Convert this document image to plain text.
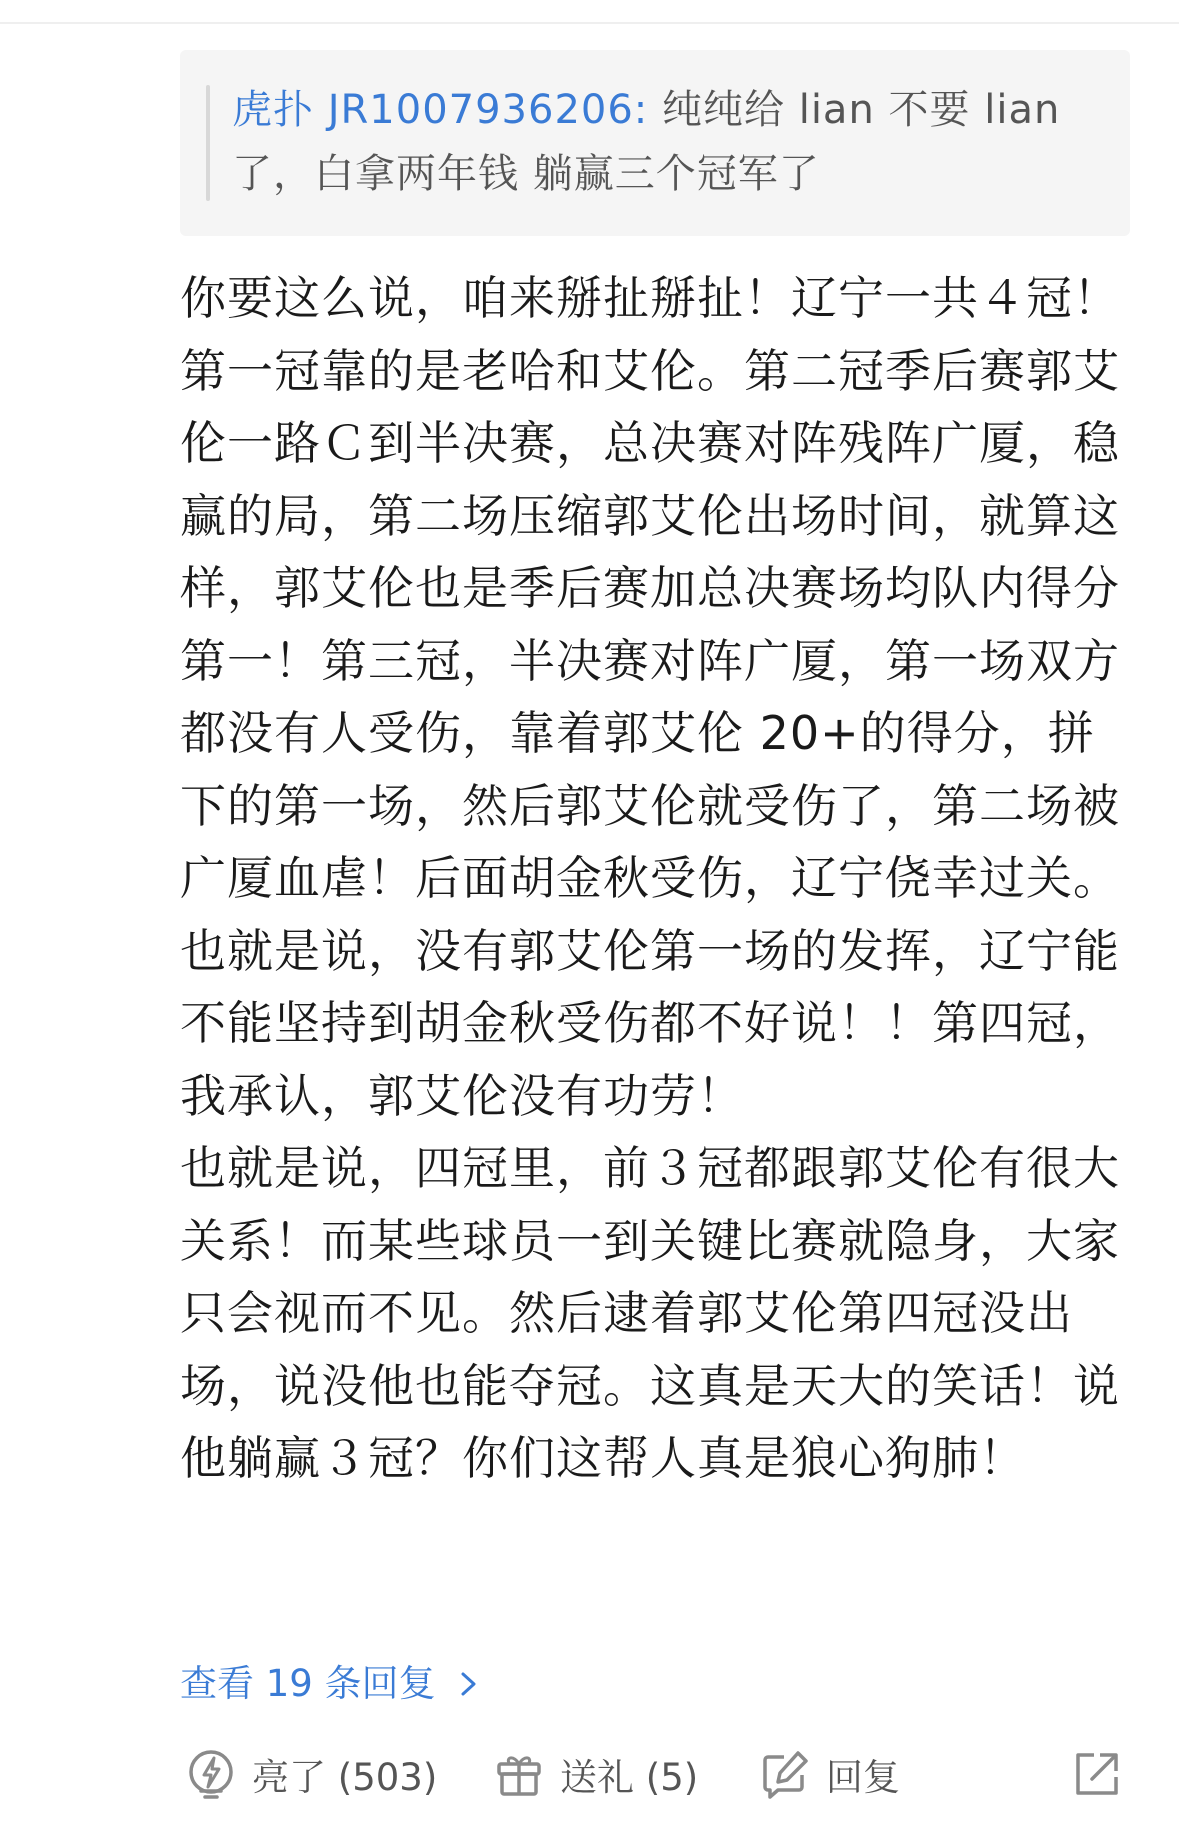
虎扑 JR1007936206: 纯纯给 lian 不要 lian 了，白拿两年钱 躺赢三个冠军了

你要这么说，咱来掰扯掰扯！辽宁一共４冠！第一冠靠的是老哈和艾伦。第二冠季后赛郭艾伦一路Ｃ到半决赛，总决赛对阵残阵广厦，稳赢的局，第二场压缩郭艾伦出场时间，就算这样，郭艾伦也是季后赛加总决赛场均队内得分第一！第三冠，半决赛对阵广厦，第一场双方都没有人受伤，靠着郭艾伦 20+的得分，拼下的第一场，然后郭艾伦就受伤了，第二场被广厦血虐！后面胡金秋受伤，辽宁侥幸过关。也就是说，没有郭艾伦第一场的发挥，辽宁能不能坚持到胡金秋受伤都不好说！！第四冠，我承认，郭艾伦没有功劳！

也就是说，四冠里，前３冠都跟郭艾伦有很大关系！而某些球员一到关键比赛就隐身，大家只会视而不见。然后逮着郭艾伦第四冠没出场，说没他也能夺冠。这真是天大的笑话！说他躺赢３冠？你们这帮人真是狼心狗肺！

查看 19 条回复
亮了 (503)	送礼 (5)	回复
